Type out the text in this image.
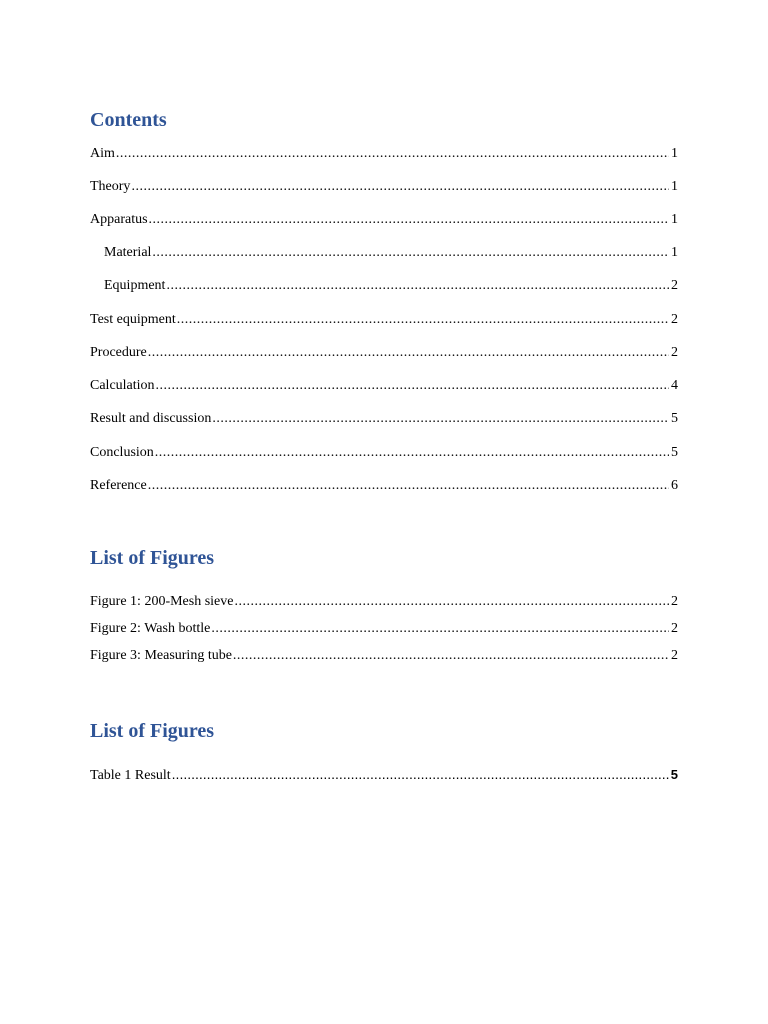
Contents
Aim .....	1
Theory .....	1
Apparatus .....	1
Material .....	1
Equipment .....	2
Test equipment .....	2
Procedure .....	2
Calculation .....	4
Result and discussion .....	5
Conclusion .....	5
Reference .....	6
List of Figures
Figure 1: 200-Mesh sieve .....	2
Figure 2: Wash bottle .....	2
Figure 3: Measuring tube .....	2
List of Figures
Table 1 Result .....	5
